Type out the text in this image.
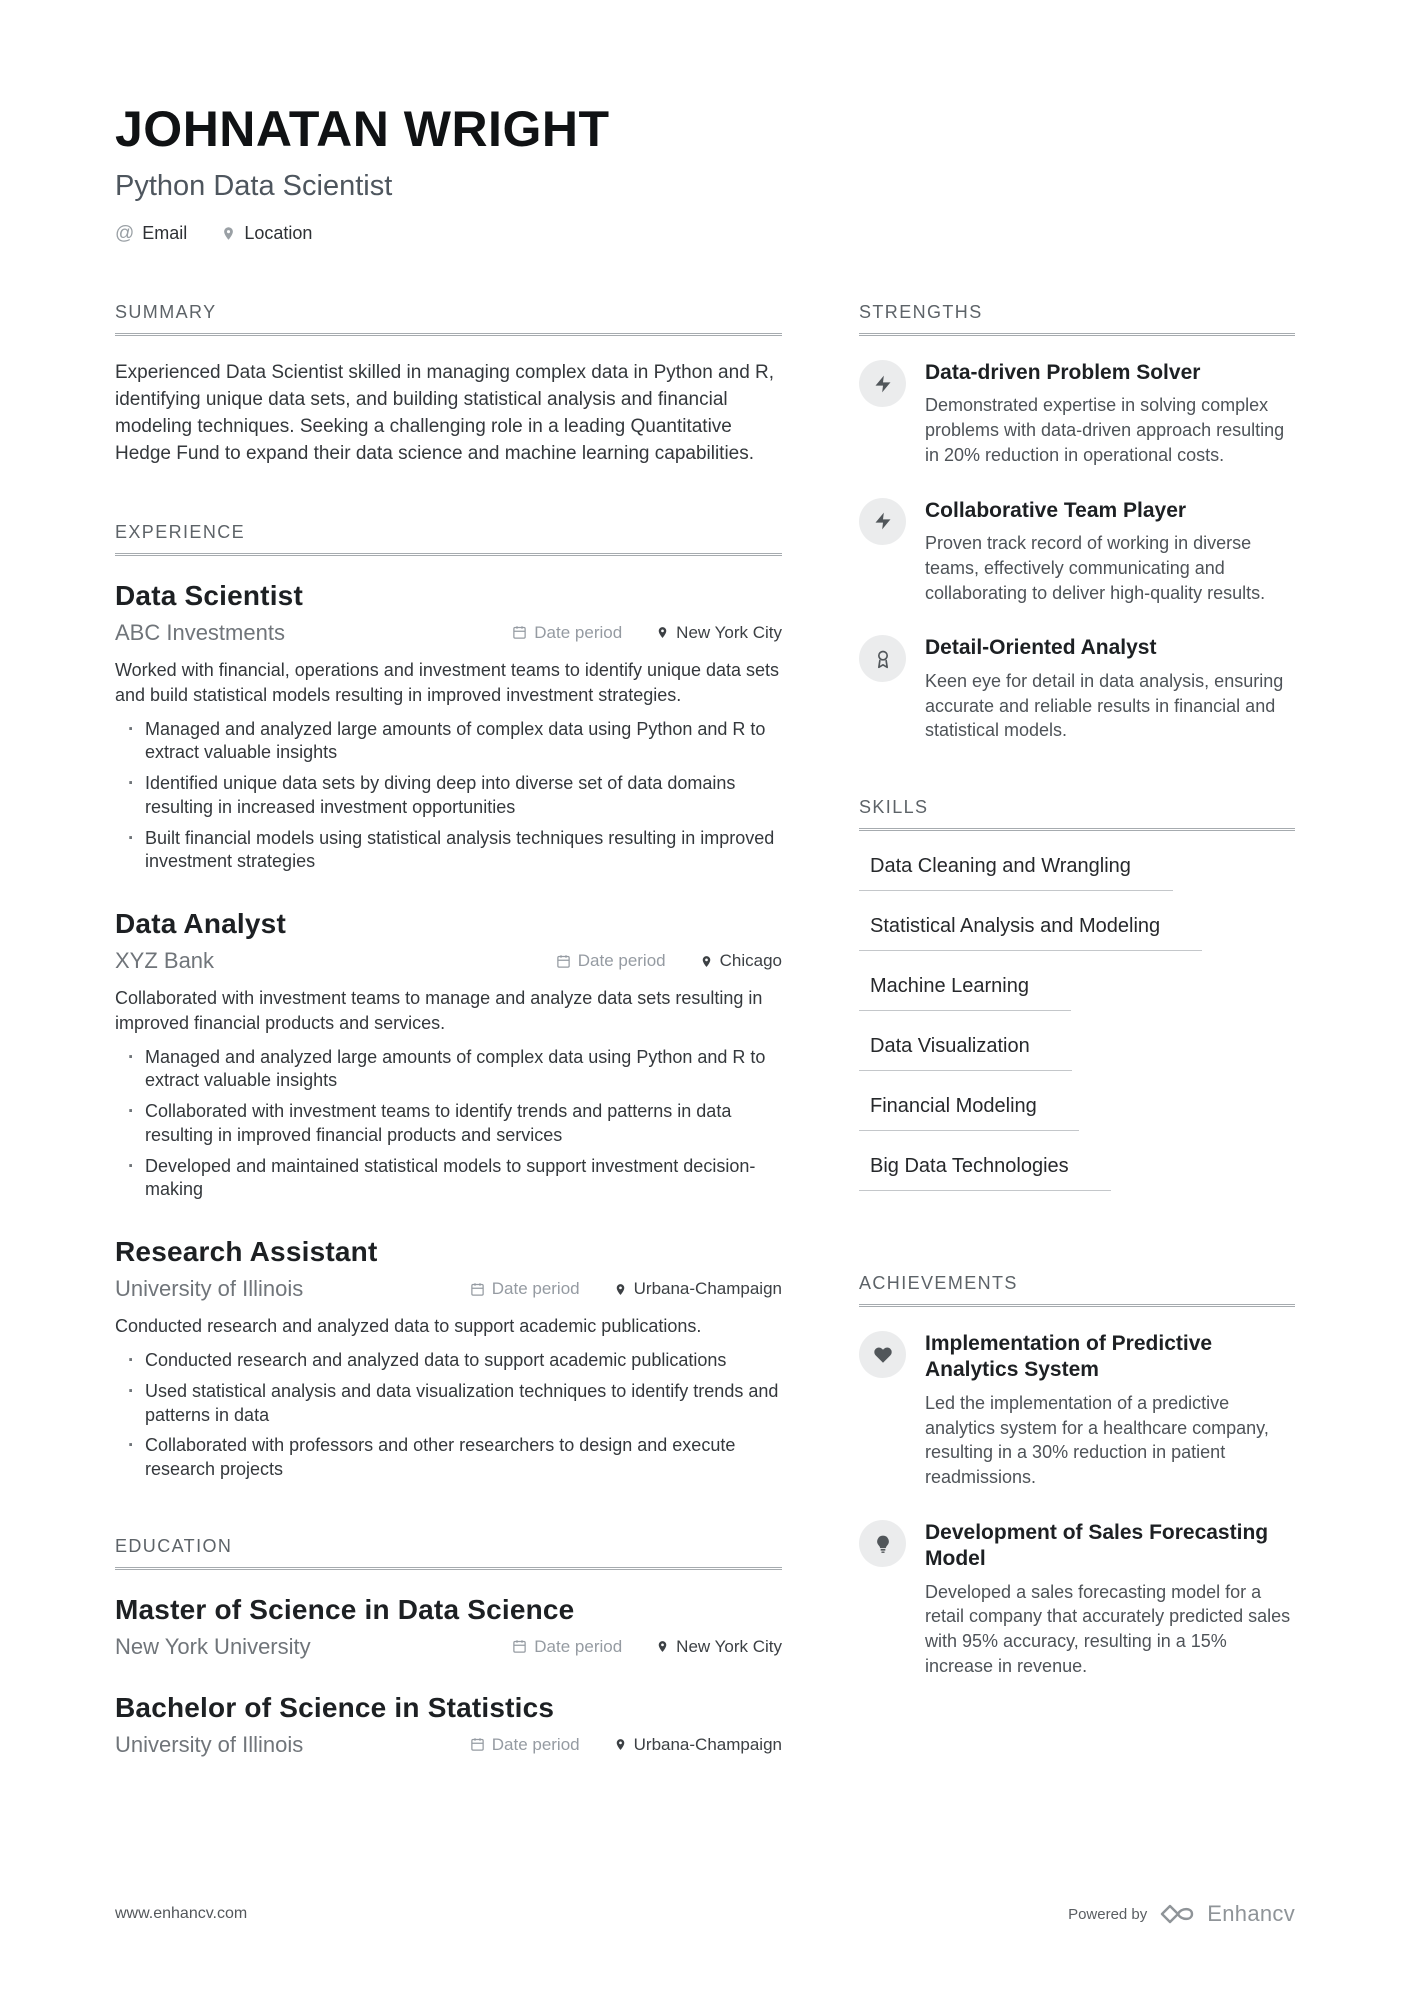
JOHNATAN WRIGHT
Python Data Scientist
@ Email	Location
SUMMARY

Experienced Data Scientist skilled in managing complex data in Python and R, identifying unique data sets, and building statistical analysis and financial modeling techniques. Seeking a challenging role in a leading Quantitative Hedge Fund to expand their data science and machine learning capabilities.

EXPERIENCE
Data Scientist
ABC Investments	Date period	New York City

Worked with financial, operations and investment teams to identify unique data sets and build statistical models resulting in improved investment strategies.

· Managed and analyzed large amounts of complex data using Python and R to extract valuable insights
· Identified unique data sets by diving deep into diverse set of data domains resulting in increased investment opportunities
· Built financial models using statistical analysis techniques resulting in improved investment strategies
Data Analyst
XYZ Bank	Date period	Chicago

Collaborated with investment teams to manage and analyze data sets resulting in improved financial products and services.

· Managed and analyzed large amounts of complex data using Python and R to extract valuable insights
· Collaborated with investment teams to identify trends and patterns in data resulting in improved financial products and services
· Developed and maintained statistical models to support investment decision-making
Research Assistant
University of Illinois	Date period	Urbana-Champaign

Conducted research and analyzed data to support academic publications.

· Conducted research and analyzed data to support academic publications
· Used statistical analysis and data visualization techniques to identify trends and patterns in data
· Collaborated with professors and other researchers to design and execute research projects
EDUCATION
Master of Science in Data Science
New York University	Date period	New York City
Bachelor of Science in Statistics
University of Illinois	Date period	Urbana-Champaign
STRENGTHS
Data-driven Problem Solver

Demonstrated expertise in solving complex problems with data-driven approach resulting in 20% reduction in operational costs.

Collaborative Team Player

Proven track record of working in diverse teams, effectively communicating and collaborating to deliver high-quality results.

Detail-Oriented Analyst

Keen eye for detail in data analysis, ensuring accurate and reliable results in financial and statistical models.

SKILLS
Data Cleaning and Wrangling
Statistical Analysis and Modeling
Machine Learning
Data Visualization
Financial Modeling
Big Data Technologies
ACHIEVEMENTS
Implementation of Predictive Analytics System

Led the implementation of a predictive analytics system for a healthcare company, resulting in a 30% reduction in patient readmissions.

Development of Sales Forecasting Model

Developed a sales forecasting model for a retail company that accurately predicted sales with 95% accuracy, resulting in a 15% increase in revenue.

www.enhancv.com	Powered by	Enhancv
